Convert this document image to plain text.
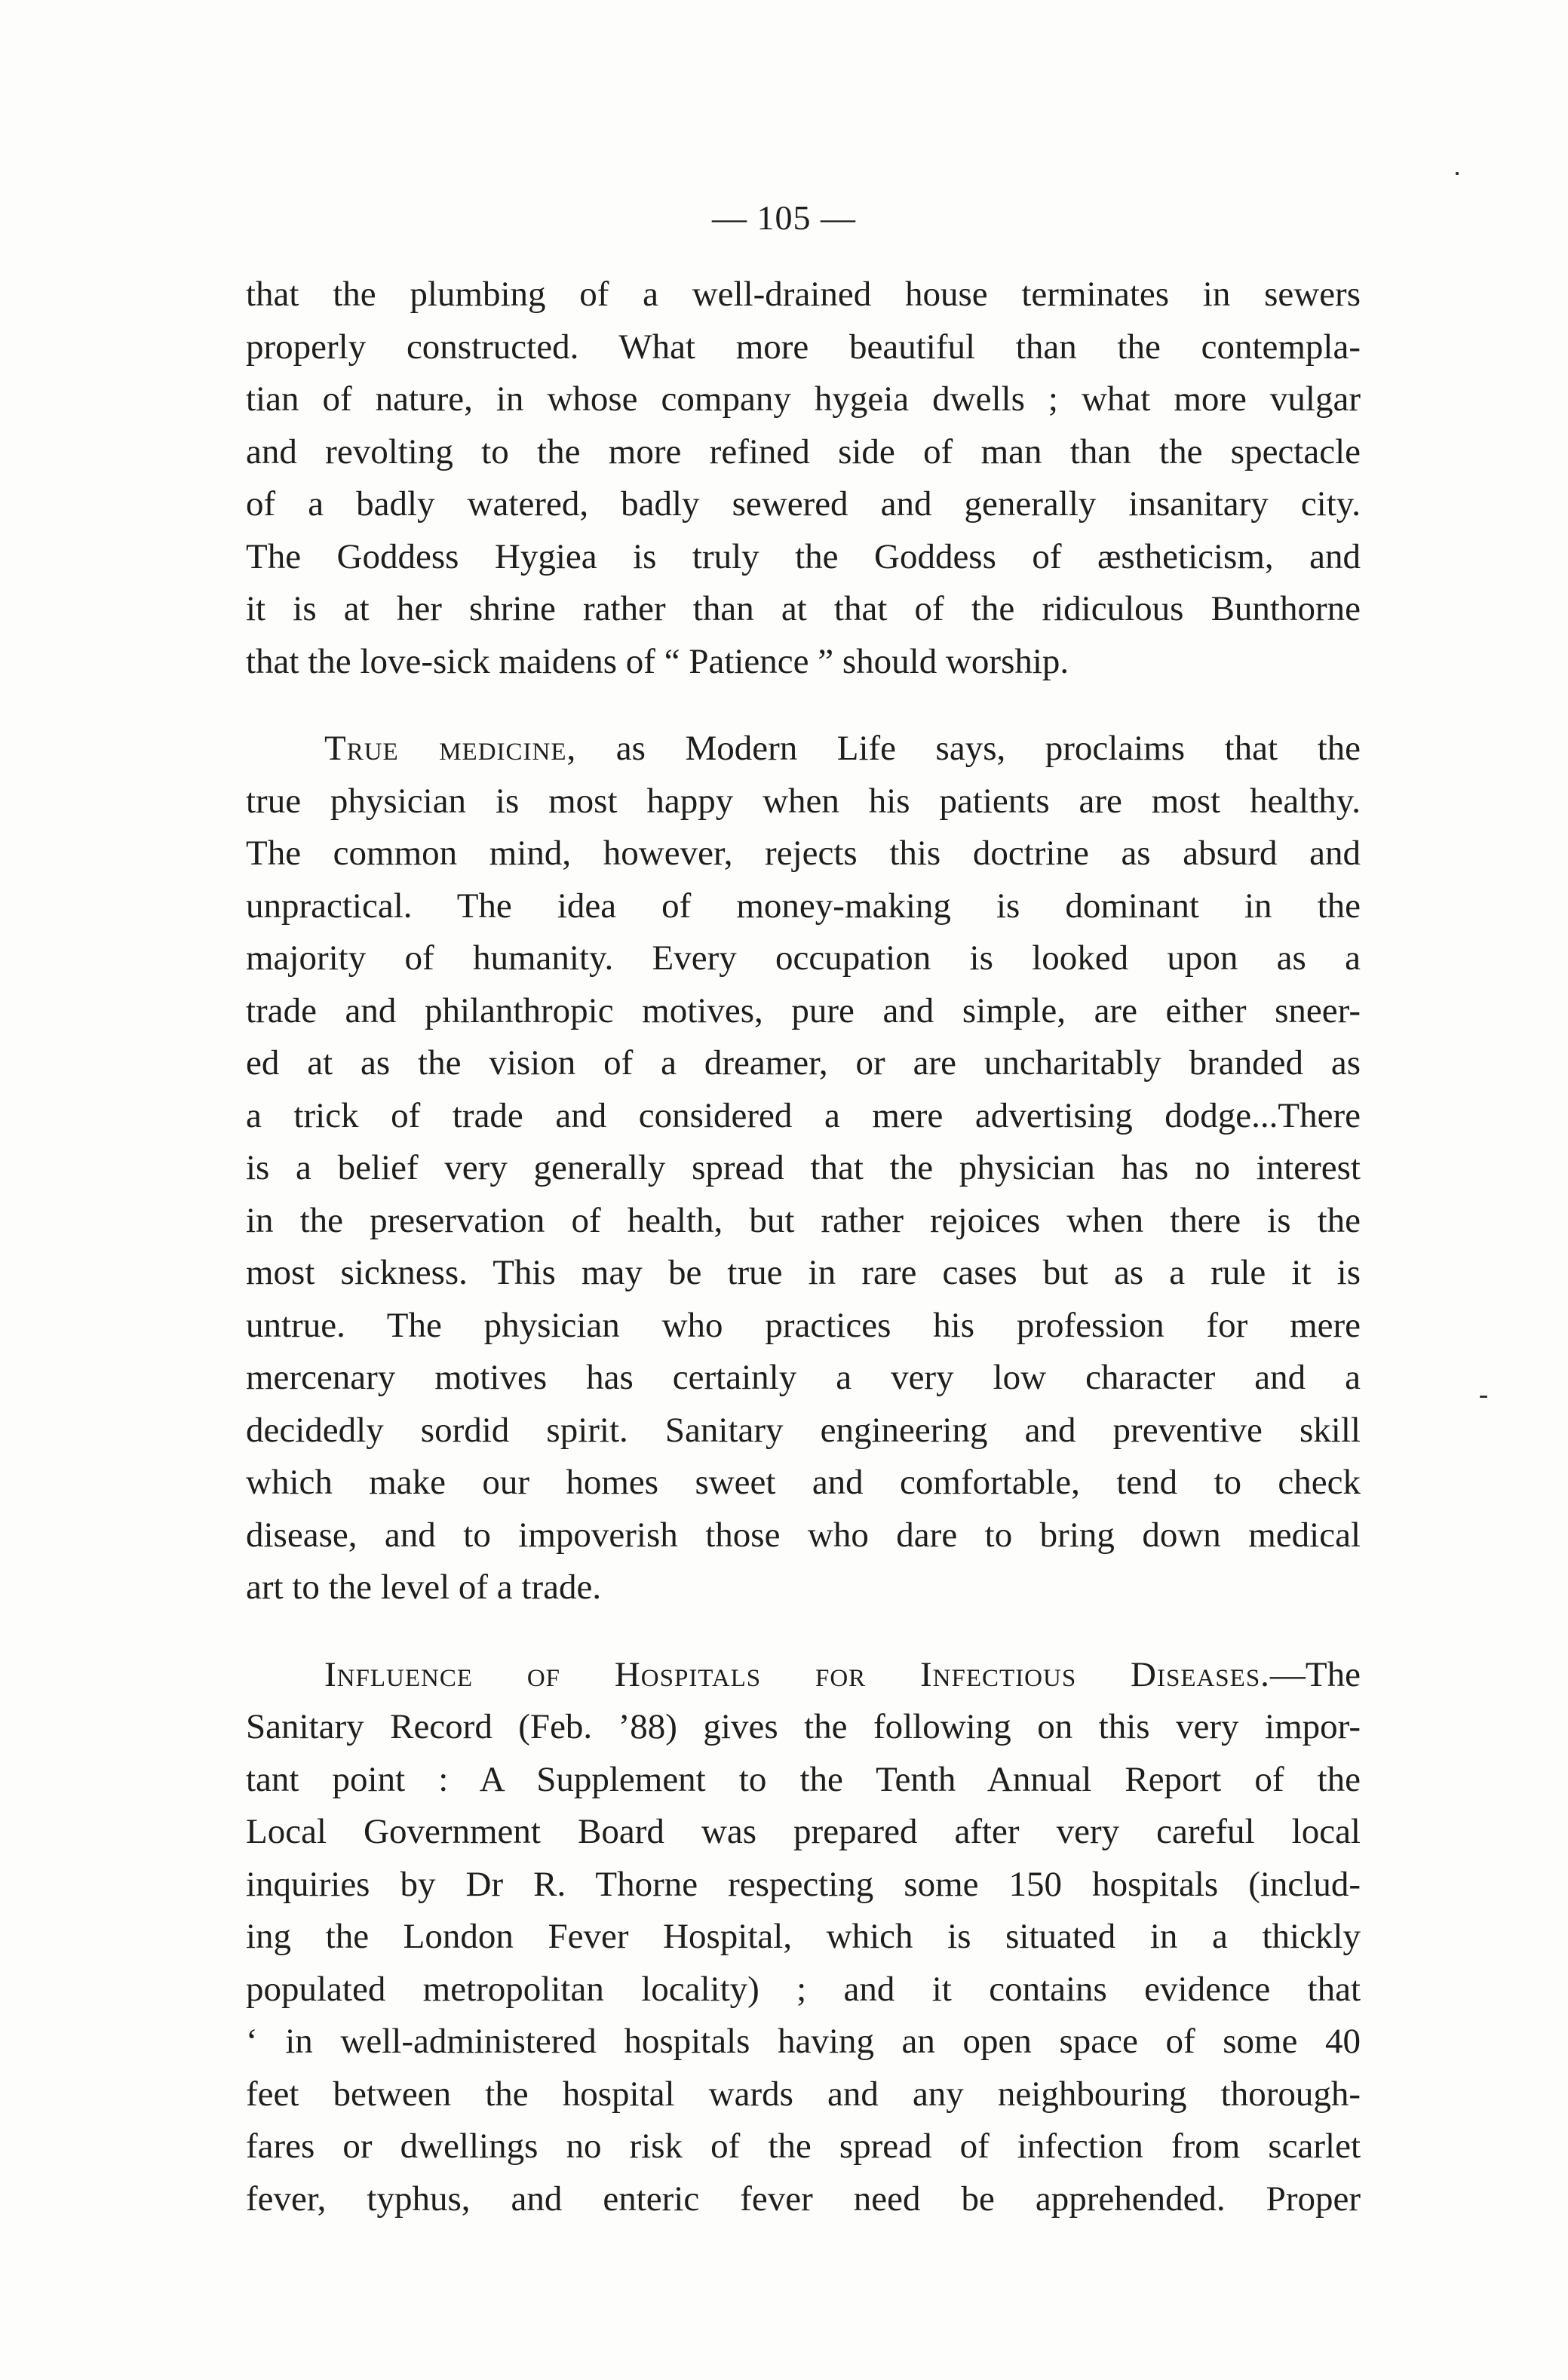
— 105 —

that the plumbing of a well-drained house terminates in sewers
properly constructed. What more beautiful than the contempla-
tian of nature, in whose company hygeia dwells ; what more vulgar
and revolting to the more refined side of man than the spectacle
of a badly watered, badly sewered and generally insanitary city.
The Goddess Hygiea is truly the Goddess of æstheticism, and
it is at her shrine rather than at that of the ridiculous Bunthorne
that the love-sick maidens of “ Patience ” should worship.

True medicine, as Modern Life says, proclaims that the
true physician is most happy when his patients are most healthy.
The common mind, however, rejects this doctrine as absurd and
unpractical. The idea of money-making is dominant in the
majority of humanity. Every occupation is looked upon as a
trade and philanthropic motives, pure and simple, are either sneer-
ed at as the vision of a dreamer, or are uncharitably branded as
a trick of trade and considered a mere advertising dodge...There
is a belief very generally spread that the physician has no interest
in the preservation of health, but rather rejoices when there is the
most sickness. This may be true in rare cases but as a rule it is
untrue. The physician who practices his profession for mere
mercenary motives has certainly a very low character and a
decidedly sordid spirit. Sanitary engineering and preventive skill
which make our homes sweet and comfortable, tend to check
disease, and to impoverish those who dare to bring down medical
art to the level of a trade.

Influence of Hospitals for Infectious Diseases.—The
Sanitary Record (Feb. ’88) gives the following on this very impor-
tant point : A Supplement to the Tenth Annual Report of the
Local Government Board was prepared after very careful local
inquiries by Dr R. Thorne respecting some 150 hospitals (includ-
ing the London Fever Hospital, which is situated in a thickly
populated metropolitan locality) ; and it contains evidence that
‘ in well-administered hospitals having an open space of some 40
feet between the hospital wards and any neighbouring thorough-
fares or dwellings no risk of the spread of infection from scarlet
fever, typhus, and enteric fever need be apprehended. Proper
